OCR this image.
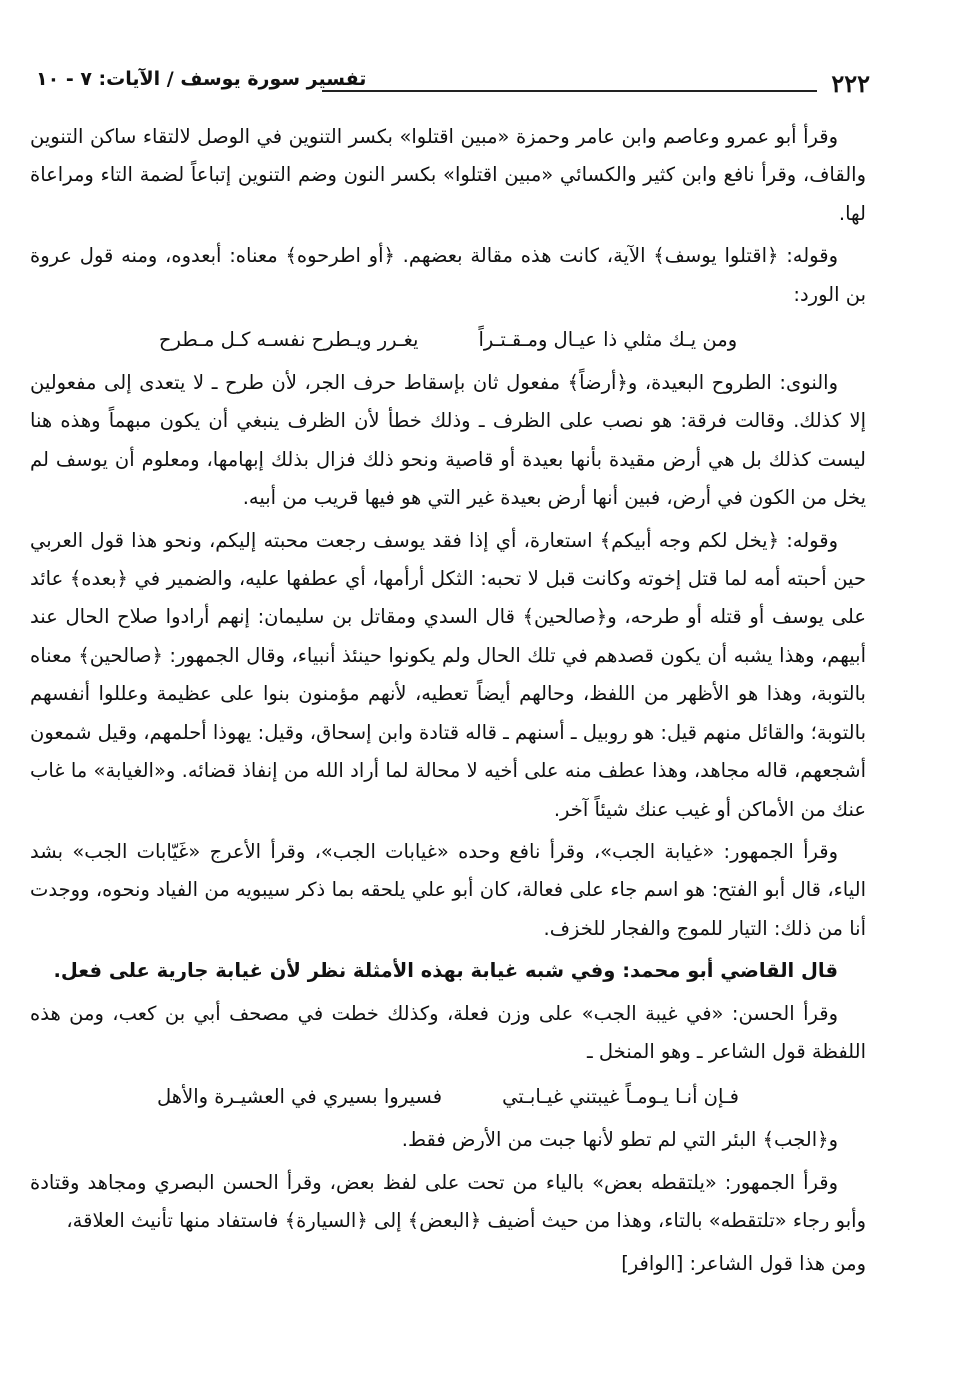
٢٢٢
تفسير سورة يوسف / الآيات: ٧ - ١٠

وقرأ أبو عمرو وعاصم وابن عامر وحمزة «مبين اقتلوا» بكسر التنوين في الوصل لالتقاء ساكن التنوين والقاف، وقرأ نافع وابن كثير والكسائي «مبين اقتلوا» بكسر النون وضم التنوين إتباعاً لضمة التاء ومراعاة لها.

وقوله: ﴿اقتلوا يوسف﴾ الآية، كانت هذه مقالة بعضهم. ﴿أو اطرحوه﴾ معناه: أبعدوه، ومنه قول عروة بن الورد:

ومن يـك مثلي ذا عيـال ومـقـتـراً
يغـرر ويـطرح نفسـه كـل مـطرح

والنوى: الطروح البعيدة، و﴿أرضاً﴾ مفعول ثان بإسقاط حرف الجر، لأن طرح ـ لا يتعدى إلى مفعولين إلا كذلك. وقالت فرقة: هو نصب على الظرف ـ وذلك خطأ لأن الظرف ينبغي أن يكون مبهماً وهذه هنا ليست كذلك بل هي أرض مقيدة بأنها بعيدة أو قاصية ونحو ذلك فزال بذلك إبهامها، ومعلوم أن يوسف لم يخل من الكون في أرض، فبين أنها أرض بعيدة غير التي هو فيها قريب من أبيه.

وقوله: ﴿يخل لكم وجه أبيكم﴾ استعارة، أي إذا فقد يوسف رجعت محبته إليكم، ونحو هذا قول العربي حين أحبته أمه لما قتل إخوته وكانت قبل لا تحبه: الثكل أرأمها، أي عطفها عليه، والضمير في ﴿بعده﴾ عائد على يوسف أو قتله أو طرحه، و﴿صالحين﴾ قال السدي ومقاتل بن سليمان: إنهم أرادوا صلاح الحال عند أبيهم، وهذا يشبه أن يكون قصدهم في تلك الحال ولم يكونوا حينئذ أنبياء، وقال الجمهور: ﴿صالحين﴾ معناه بالتوبة، وهذا هو الأظهر من اللفظ، وحالهم أيضاً تعطيه، لأنهم مؤمنون بنوا على عظيمة وعللوا أنفسهم بالتوبة؛ والقائل منهم قيل: هو روبيل ـ أسنهم ـ قاله قتادة وابن إسحاق، وقيل: يهوذا أحلمهم، وقيل شمعون أشجعهم، قاله مجاهد، وهذا عطف منه على أخيه لا محالة لما أراد الله من إنفاذ قضائه. و«الغيابة» ما غاب عنك من الأماكن أو غيب عنك شيئاً آخر.

وقرأ الجمهور: «غيابة الجب»، وقرأ نافع وحده «غيابات الجب»، وقرأ الأعرج «غَيّابات الجب» بشد الياء، قال أبو الفتح: هو اسم جاء على فعالة، كان أبو علي يلحقه بما ذكر سيبويه من الفياد ونحوه، ووجدت أنا من ذلك: التيار للموج والفجار للخزف.

قال القاضي أبو محمد: وفي شبه غيابة بهذه الأمثلة نظر لأن غيابة جارية على فعل.

وقرأ الحسن: «في غيبة الجب» على وزن فعلة، وكذلك خطت في مصحف أبي بن كعب، ومن هذه اللفظة قول الشاعر ـ وهو المنخل ـ

فـإن أنـا يـومـاً غيبتني غيـابـتي
فسيروا بسيري في العشيـرة والأهل

و﴿الجب﴾ البئر التي لم تطو لأنها جبت من الأرض فقط.

وقرأ الجمهور: «يلتقطه بعض» بالياء من تحت على لفظ بعض، وقرأ الحسن البصري ومجاهد وقتادة وأبو رجاء «تلتقطه» بالتاء، وهذا من حيث أضيف ﴿البعض﴾ إلى ﴿السيارة﴾ فاستفاد منها تأنيث العلاقة،

ومن هذا قول الشاعر: [الوافر]
